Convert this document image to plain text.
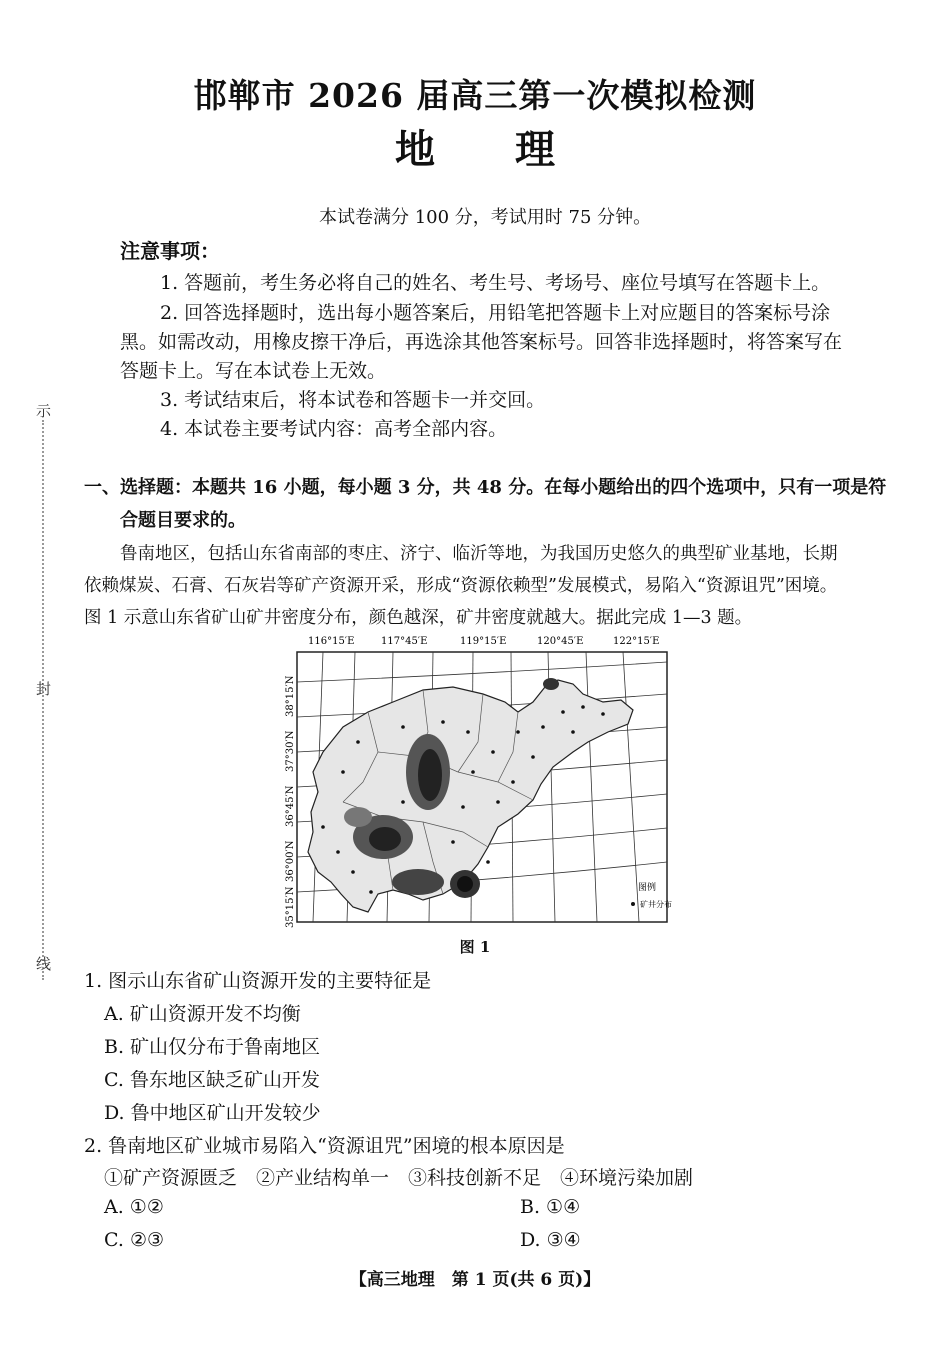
邯郸市 2026 届高三第一次模拟检测
地理
本试卷满分 100 分，考试用时 75 分钟。
注意事项：
1. 答题前，考生务必将自己的姓名、考生号、考场号、座位号填写在答题卡上。
2. 回答选择题时，选出每小题答案后，用铅笔把答题卡上对应题目的答案标号涂
黑。如需改动，用橡皮擦干净后，再选涂其他答案标号。回答非选择题时，将答案写在
答题卡上。写在本试卷上无效。
3. 考试结束后，将本试卷和答题卡一并交回。
4. 本试卷主要考试内容：高考全部内容。
一、选择题：本题共 16 小题，每小题 3 分，共 48 分。在每小题给出的四个选项中，只有一项是符
合题目要求的。
鲁南地区，包括山东省南部的枣庄、济宁、临沂等地，为我国历史悠久的典型矿业基地，长期
依赖煤炭、石膏、石灰岩等矿产资源开采，形成“资源依赖型”发展模式，易陷入“资源诅咒”困境。
图 1 示意山东省矿山矿井密度分布，颜色越深，矿井密度就越大。据此完成 1—3 题。
116°15′E	117°45′E	119°15′E	120°45′E	122°15′E
38°15′N
37°30′N
36°45′N
36°00′N
35°15′N	图例
矿井分布
图 1
1. 图示山东省矿山资源开发的主要特征是
A. 矿山资源开发不均衡
B. 矿山仅分布于鲁南地区
C. 鲁东地区缺乏矿山开发
D. 鲁中地区矿山开发较少
2. 鲁南地区矿业城市易陷入“资源诅咒”困境的根本原因是
①矿产资源匮乏　②产业结构单一　③科技创新不足　④环境污染加剧
A. ①②	B. ①④
C. ②③	D. ③④
【高三地理　第 1 页(共 6 页)】
示
封
线
